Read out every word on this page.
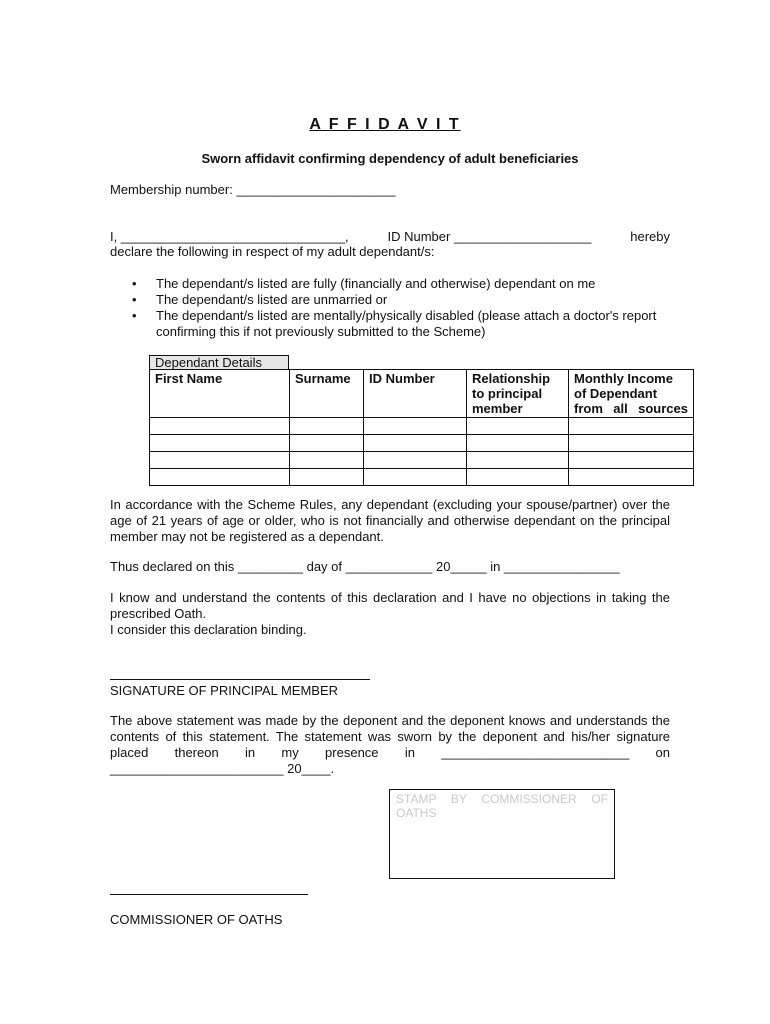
A F F I D A V I T
Sworn affidavit confirming dependency of adult beneficiaries
Membership number: ______________________
I, _______________________________,	ID Number ___________________	hereby
declare the following in respect of my adult dependant/s:
• The dependant/s listed are fully (financially and otherwise) dependant on me
• The dependant/s listed are unmarried or
• The dependant/s listed are mentally/physically disabled (please attach a doctor's report confirming this if not previously submitted to the Scheme)
Dependant Details
First Name	Surname	ID Number	Relationship to principal member	Monthly Income of Dependant from all sources

In accordance with the Scheme Rules, any dependant (excluding your spouse/partner) over the age of 21 years of age or older, who is not financially and otherwise dependant on the principal member may not be registered as a dependant.
Thus declared on this _________ day of ____________ 20_____ in ________________
I know and understand the contents of this declaration and I have no objections in taking the prescribed Oath.
I consider this declaration binding.
SIGNATURE OF PRINCIPAL MEMBER
The above statement was made by the deponent and the deponent knows and understands the contents of this statement. The statement was sworn by the deponent and his/her signature placed thereon in my presence in __________________________ on ________________________ 20____.
STAMP BY COMMISSIONER OF OATHS
COMMISSIONER OF OATHS
